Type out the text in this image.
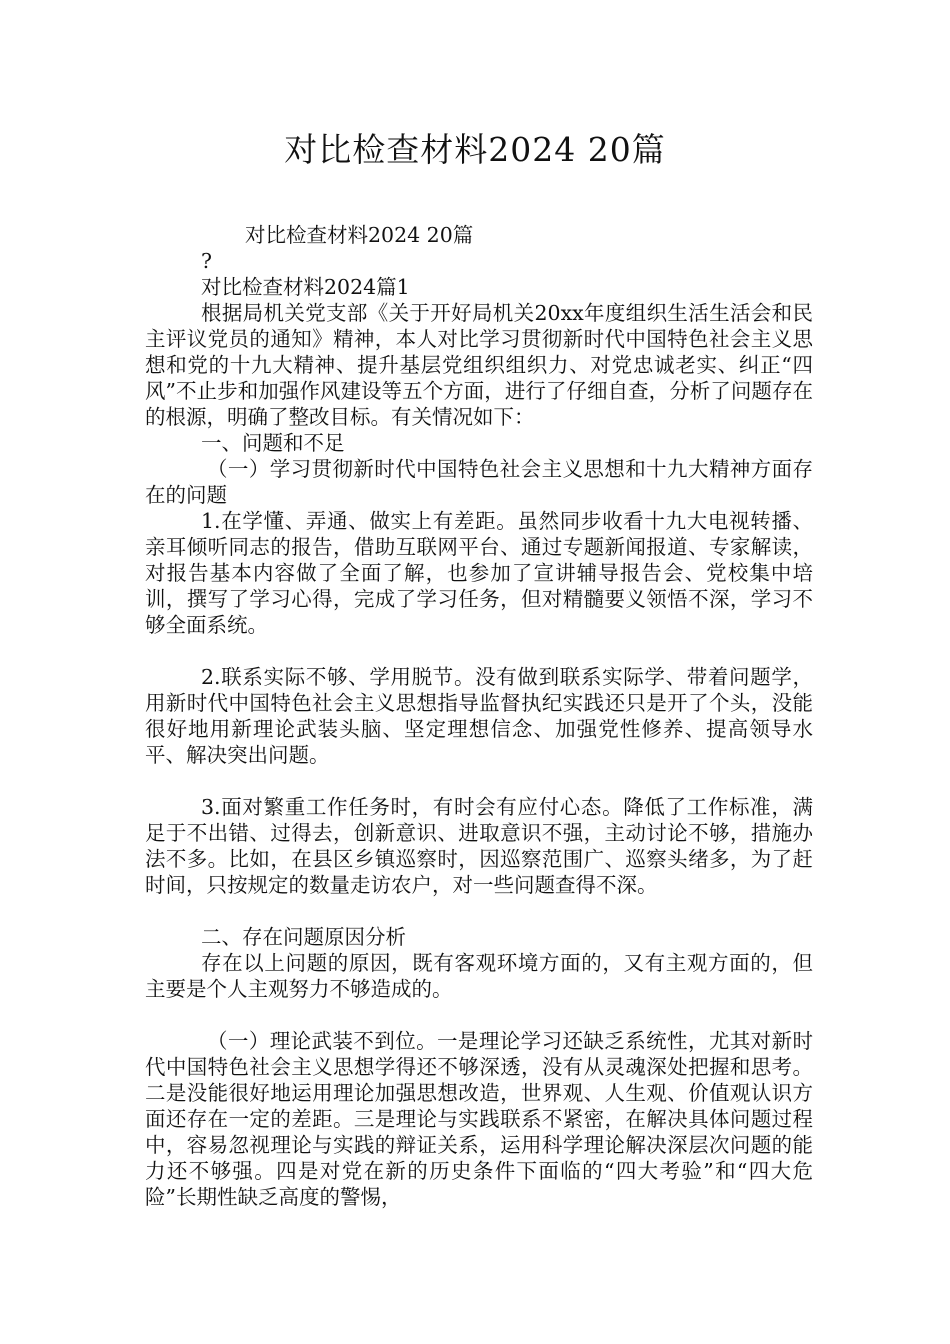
对比检查材料2024 20篇

对比检查材料2024 20篇

?

对比检查材料2024篇1

根据局机关党支部《关于开好局机关20xx年度组织生活生活会和民主评议党员的通知》精神，本人对比学习贯彻新时代中国特色社会主义思想和党的十九大精神、提升基层党组织组织力、对党忠诚老实、纠正“四风”不止步和加强作风建设等五个方面，进行了仔细自查，分析了问题存在的根源，明确了整改目标。有关情况如下：

一、问题和不足

（一）学习贯彻新时代中国特色社会主义思想和十九大精神方面存在的问题

1.在学懂、弄通、做实上有差距。虽然同步收看十九大电视转播、亲耳倾听同志的报告，借助互联网平台、通过专题新闻报道、专家解读，对报告基本内容做了全面了解，也参加了宣讲辅导报告会、党校集中培训，撰写了学习心得，完成了学习任务，但对精髓要义领悟不深，学习不够全面系统。

2.联系实际不够、学用脱节。没有做到联系实际学、带着问题学，用新时代中国特色社会主义思想指导监督执纪实践还只是开了个头，没能很好地用新理论武装头脑、坚定理想信念、加强党性修养、提高领导水平、解决突出问题。

3.面对繁重工作任务时，有时会有应付心态。降低了工作标准，满足于不出错、过得去，创新意识、进取意识不强，主动讨论不够，措施办法不多。比如，在县区乡镇巡察时，因巡察范围广、巡察头绪多，为了赶时间，只按规定的数量走访农户，对一些问题查得不深。

二、存在问题原因分析

存在以上问题的原因，既有客观环境方面的，又有主观方面的，但主要是个人主观努力不够造成的。

（一）理论武装不到位。一是理论学习还缺乏系统性，尤其对新时代中国特色社会主义思想学得还不够深透，没有从灵魂深处把握和思考。二是没能很好地运用理论加强思想改造，世界观、人生观、价值观认识方面还存在一定的差距。三是理论与实践联系不紧密，在解决具体问题过程中，容易忽视理论与实践的辩证关系，运用科学理论解决深层次问题的能力还不够强。四是对党在新的历史条件下面临的“四大考验”和“四大危险”长期性缺乏高度的警惕，
